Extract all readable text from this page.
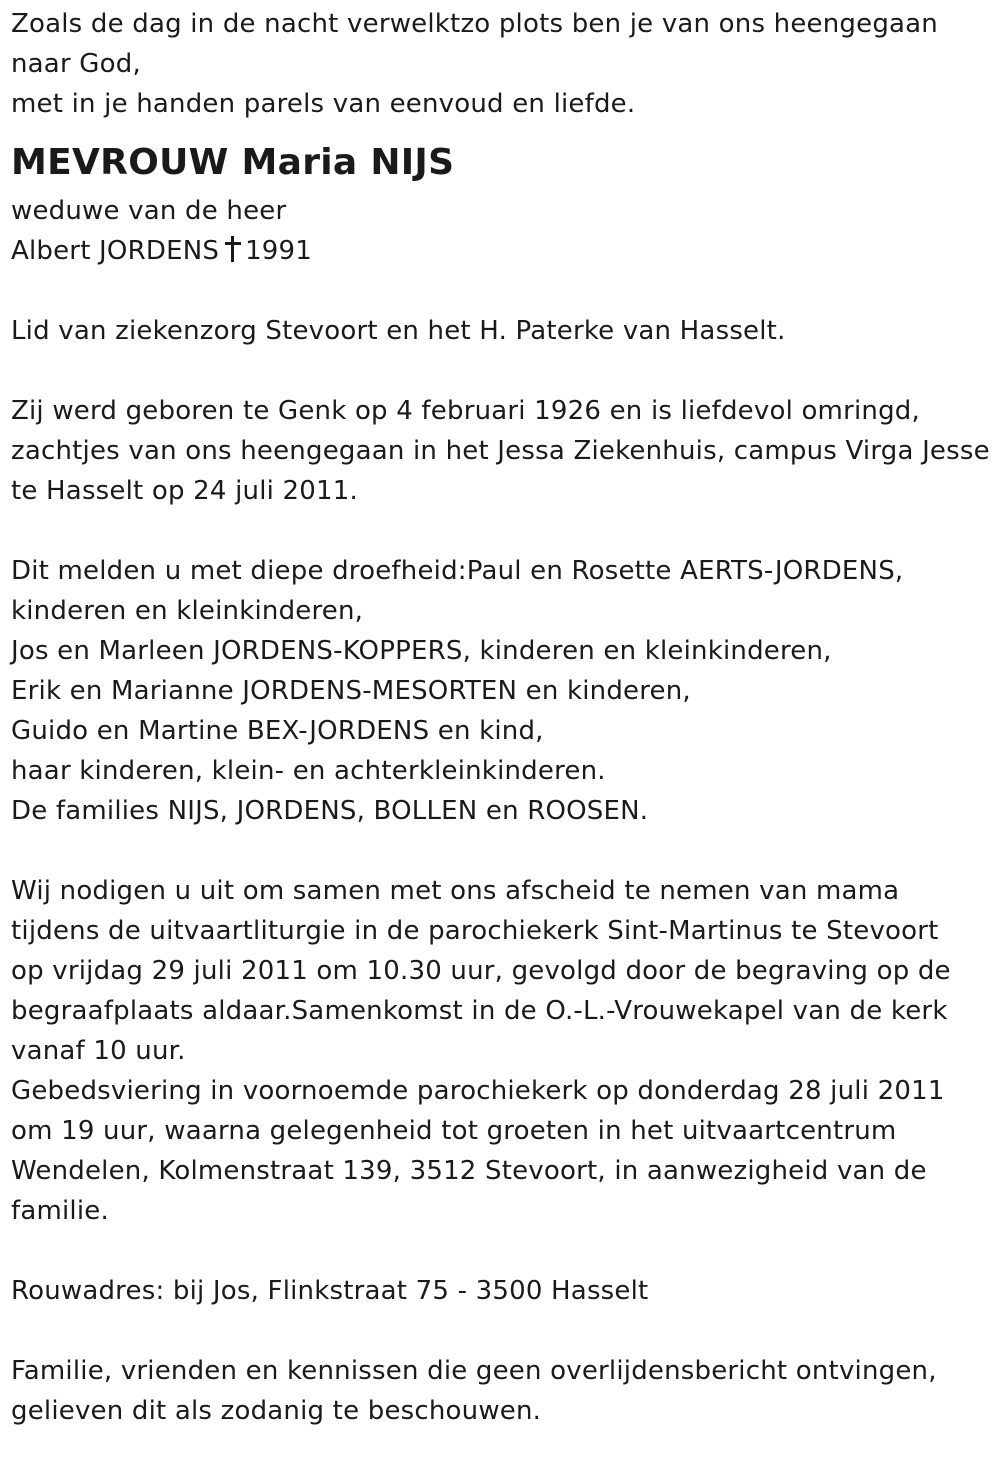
Zoals de dag in de nacht verwelktzo plots ben je van ons heengegaan
naar God,
met in je handen parels van eenvoud en liefde.
MEVROUW Maria NIJS
weduwe van de heer
Albert JORDENS 1991
Lid van ziekenzorg Stevoort en het H. Paterke van Hasselt.
Zij werd geboren te Genk op 4 februari 1926 en is liefdevol omringd,
zachtjes van ons heengegaan in het Jessa Ziekenhuis, campus Virga Jesse
te Hasselt op 24 juli 2011.
Dit melden u met diepe droefheid:Paul en Rosette AERTS-JORDENS,
kinderen en kleinkinderen,
Jos en Marleen JORDENS-KOPPERS, kinderen en kleinkinderen,
Erik en Marianne JORDENS-MESORTEN en kinderen,
Guido en Martine BEX-JORDENS en kind,
haar kinderen, klein- en achterkleinkinderen.
De families NIJS, JORDENS, BOLLEN en ROOSEN.
Wij nodigen u uit om samen met ons afscheid te nemen van mama
tijdens de uitvaartliturgie in de parochiekerk Sint-Martinus te Stevoort
op vrijdag 29 juli 2011 om 10.30 uur, gevolgd door de begraving op de
begraafplaats aldaar.Samenkomst in de O.-L.-Vrouwekapel van de kerk
vanaf 10 uur.
Gebedsviering in voornoemde parochiekerk op donderdag 28 juli 2011
om 19 uur, waarna gelegenheid tot groeten in het uitvaartcentrum
Wendelen, Kolmenstraat 139, 3512 Stevoort, in aanwezigheid van de
familie.
Rouwadres: bij Jos, Flinkstraat 75 - 3500 Hasselt
Familie, vrienden en kennissen die geen overlijdensbericht ontvingen,
gelieven dit als zodanig te beschouwen.
